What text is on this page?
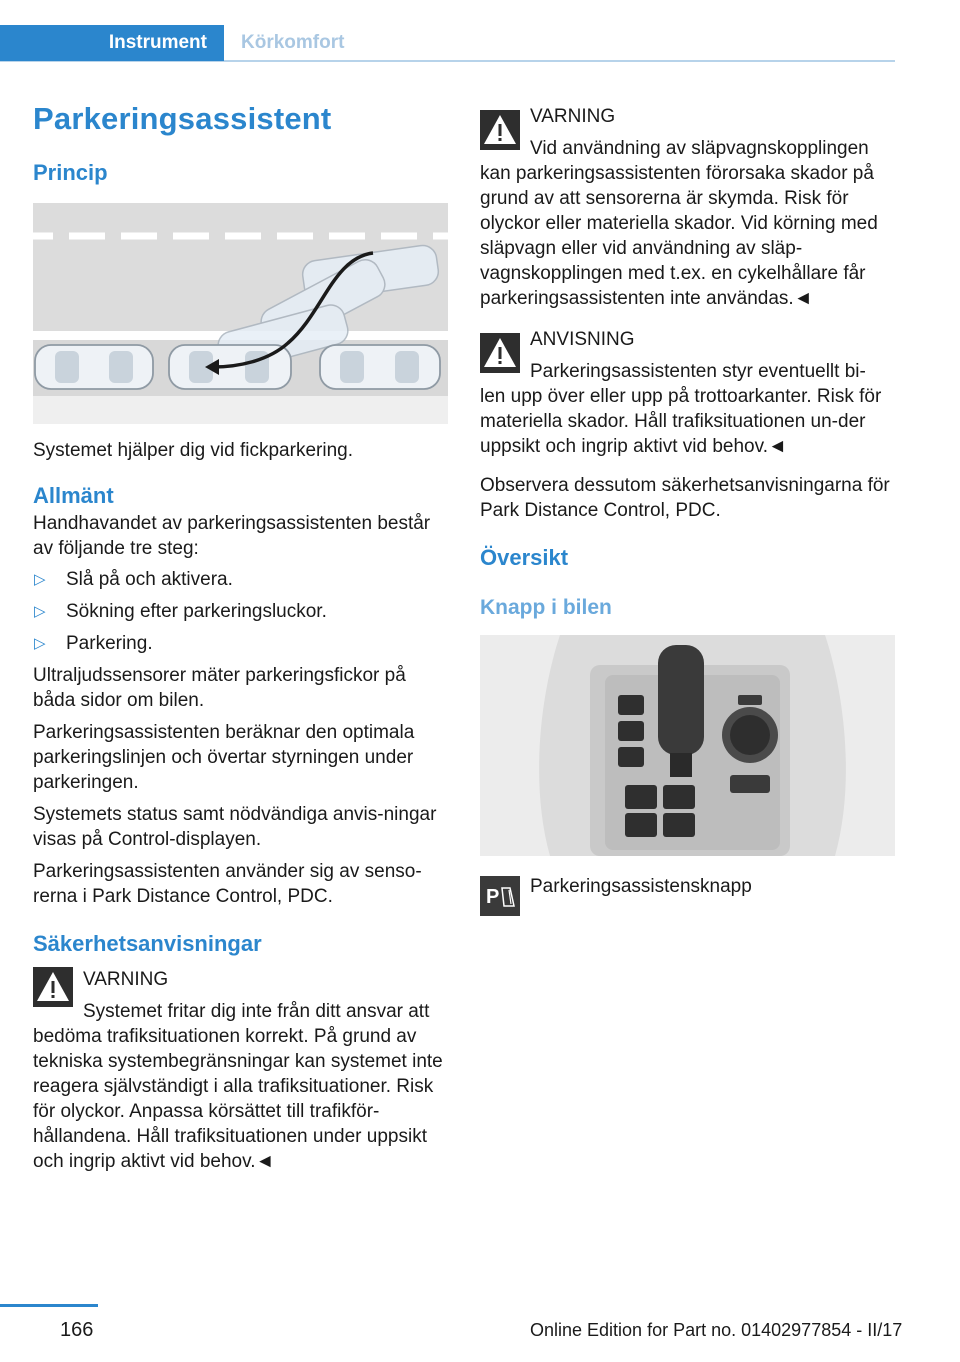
Instrument	Körkomfort
Parkeringsassistent
Princip

Systemet hjälper dig vid fickparkering.

Allmänt

Handhavandet av parkeringsassistenten består av följande tre steg:

▷ Slå på och aktivera.
▷ Sökning efter parkeringsluckor.
▷ Parkering.

Ultraljudssensorer mäter parkeringsfickor på båda sidor om bilen.

Parkeringsassistenten beräknar den optimala parkeringslinjen och övertar styrningen under parkeringen.

Systemets status samt nödvändiga anvis-ningar visas på Control-displayen.

Parkeringsassistenten använder sig av senso-rerna i Park Distance Control, PDC.

Säkerhetsanvisningar
VARNING
Systemet fritar dig inte från ditt ansvar att
bedöma trafiksituationen korrekt. På grund av tekniska systembegränsningar kan systemet inte reagera självständigt i alla trafiksituationer. Risk för olyckor. Anpassa körsättet till trafikför-hållandena. Håll trafiksituationen under uppsikt och ingrip aktivt vid behov.◄
VARNING
Vid användning av släpvagnskopplingen
kan parkeringsassistenten förorsaka skador på grund av att sensorerna är skymda. Risk för olyckor eller materiella skador. Vid körning med släpvagn eller vid användning av släp-vagnskopplingen med t.ex. en cykelhållare får parkeringsassistenten inte användas.◄
ANVISNING
Parkeringsassistenten styr eventuellt bi-
len upp över eller upp på trottoarkanter. Risk för materiella skador. Håll trafiksituationen un-der uppsikt och ingrip aktivt vid behov.◄

Observera dessutom säkerhetsanvisningarna för Park Distance Control, PDC.

Översikt
Knapp i bilen
P	Parkeringsassistensknapp
166	Online Edition for Part no. 01402977854 - II/17
